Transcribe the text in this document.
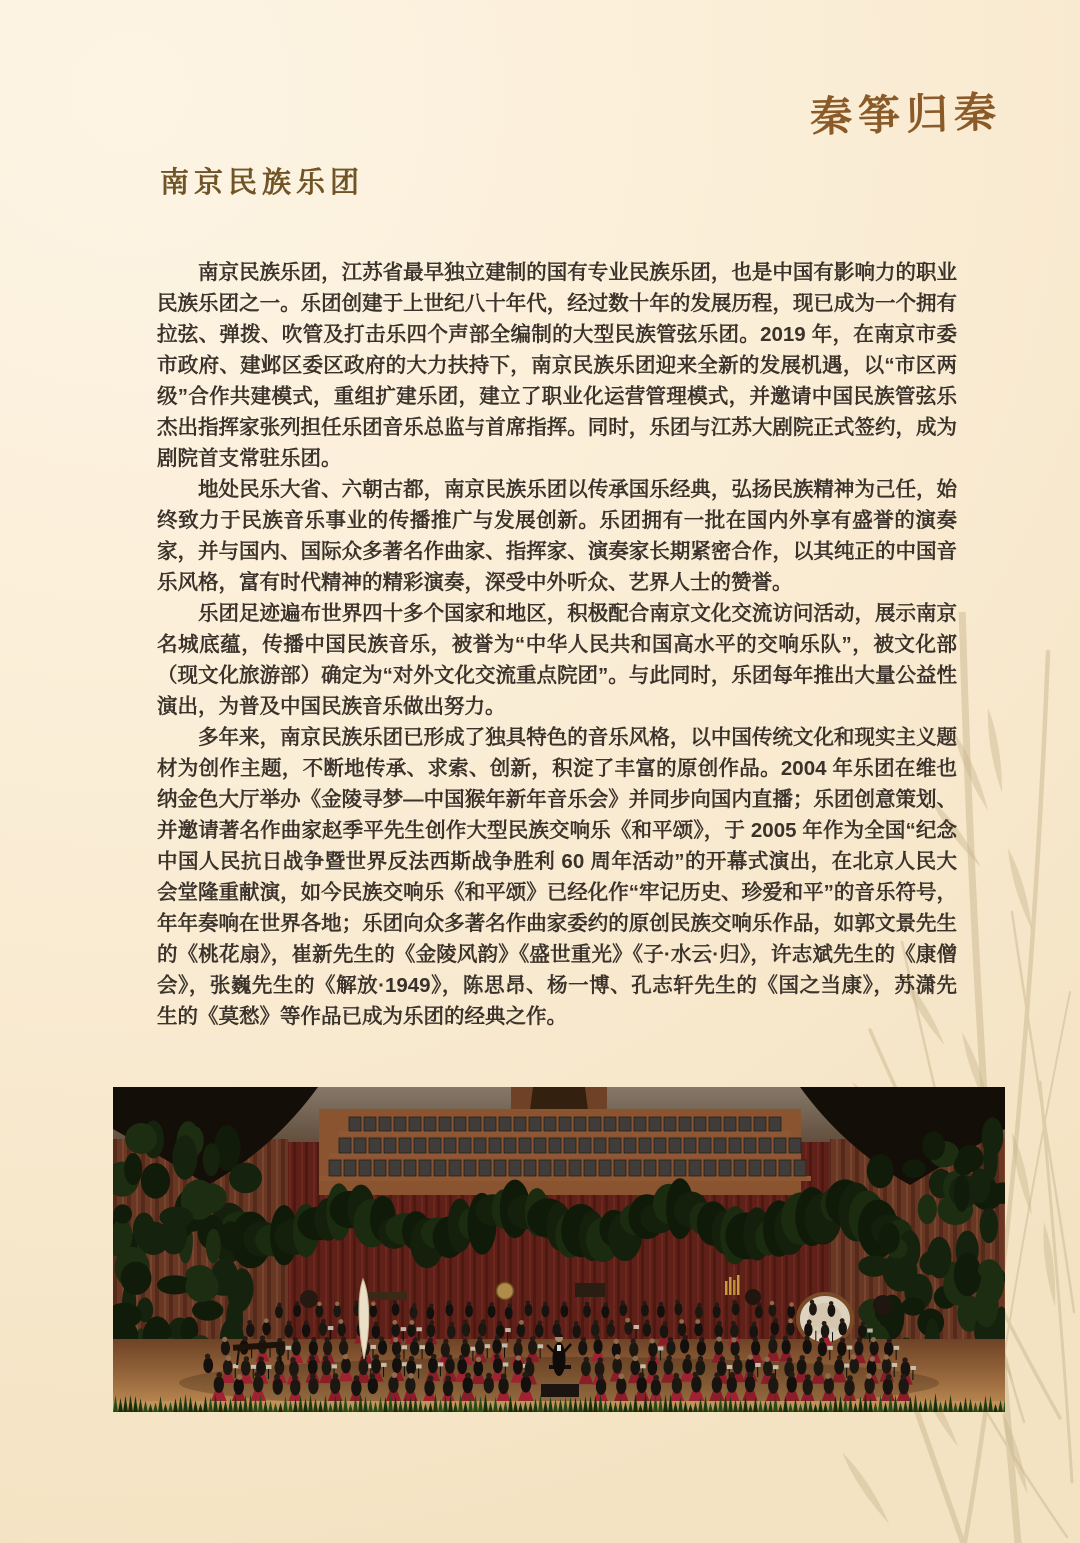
秦筝归秦
南京民族乐团

南京民族乐团，江苏省最早独立建制的国有专业民族乐团，也是中国有影响力的职业民族乐团之一。乐团创建于上世纪八十年代，经过数十年的发展历程，现已成为一个拥有拉弦、弹拨、吹管及打击乐四个声部全编制的大型民族管弦乐团。2019 年，在南京市委市政府、建邺区委区政府的大力扶持下，南京民族乐团迎来全新的发展机遇，以“市区两级”合作共建模式，重组扩建乐团，建立了职业化运营管理模式，并邀请中国民族管弦乐杰出指挥家张列担任乐团音乐总监与首席指挥。同时，乐团与江苏大剧院正式签约，成为剧院首支常驻乐团。

地处民乐大省、六朝古都，南京民族乐团以传承国乐经典，弘扬民族精神为己任，始终致力于民族音乐事业的传播推广与发展创新。乐团拥有一批在国内外享有盛誉的演奏家，并与国内、国际众多著名作曲家、指挥家、演奏家长期紧密合作，以其纯正的中国音乐风格，富有时代精神的精彩演奏，深受中外听众、艺界人士的赞誉。

乐团足迹遍布世界四十多个国家和地区，积极配合南京文化交流访问活动，展示南京名城底蕴，传播中国民族音乐，被誉为“中华人民共和国高水平的交响乐队”，被文化部（现文化旅游部）确定为“对外文化交流重点院团”。与此同时，乐团每年推出大量公益性演出，为普及中国民族音乐做出努力。

多年来，南京民族乐团已形成了独具特色的音乐风格，以中国传统文化和现实主义题材为创作主题，不断地传承、求索、创新，积淀了丰富的原创作品。2004 年乐团在维也纳金色大厅举办《金陵寻梦—中国猴年新年音乐会》并同步向国内直播；乐团创意策划、并邀请著名作曲家赵季平先生创作大型民族交响乐《和平颂》，于 2005 年作为全国“纪念中国人民抗日战争暨世界反法西斯战争胜利 60 周年活动”的开幕式演出，在北京人民大会堂隆重献演，如今民族交响乐《和平颂》已经化作“牢记历史、珍爱和平”的音乐符号，年年奏响在世界各地；乐团向众多著名作曲家委约的原创民族交响乐作品，如郭文景先生的《桃花扇》，崔新先生的《金陵风韵》《盛世重光》《子·水云·归》，许志斌先生的《康僧会》，张巍先生的《解放·1949》，陈思昂、杨一博、孔志轩先生的《国之当康》，苏潇先生的《莫愁》等作品已成为乐团的经典之作。
